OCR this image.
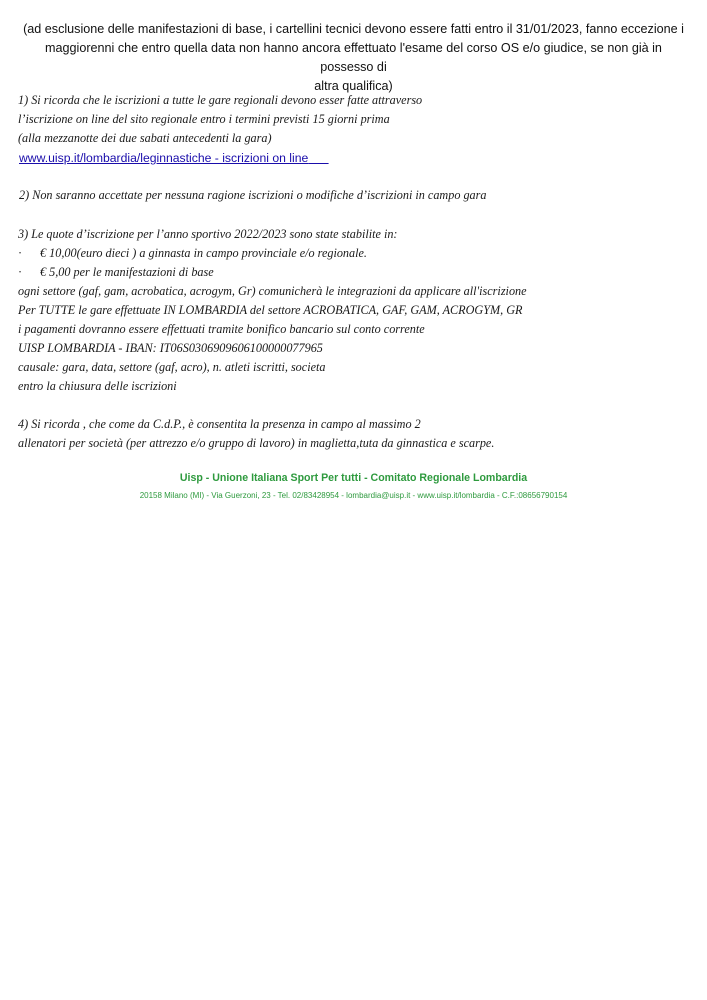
(ad esclusione delle manifestazioni di base, i cartellini tecnici devono essere fatti entro il 31/01/2023, fanno eccezione i
maggiorenni che entro quella data non hanno ancora effettuato l'esame del corso OS e/o giudice, se non già in possesso di
altra qualifica)
1) Si ricorda che le iscrizioni a tutte le gare regionali devono esser fatte attraverso
l’iscrizione on line del sito regionale entro i termini previsti 15 giorni prima
(alla mezzanotte dei due sabati antecedenti la gara)
www.uisp.it/lombardia/leginnastiche - iscrizioni on line
2) Non saranno accettate per nessuna ragione iscrizioni o modifiche d’iscrizioni in campo gara
3) Le quote d’iscrizione per l’anno sportivo 2022/2023 sono state stabilite in:
· € 10,00(euro dieci ) a ginnasta in campo provinciale e/o regionale.
· € 5,00 per le manifestazioni di base
ogni settore (gaf, gam, acrobatica, acrogym, Gr) comunicherà le integrazioni da applicare all'iscrizione
Per TUTTE le gare effettuate IN LOMBARDIA del settore ACROBATICA, GAF, GAM, ACROGYM, GR
i pagamenti dovranno essere effettuati tramite bonifico bancario sul conto corrente
UISP LOMBARDIA - IBAN: IT06S0306909606100000077965
causale: gara, data, settore (gaf, acro), n. atleti iscritti, societa
entro la chiusura delle iscrizioni
4) Si ricorda , che come da C.d.P., è consentita la presenza in campo al massimo 2
allenatori per società (per attrezzo e/o gruppo di lavoro) in maglietta,tuta da ginnastica e scarpe.
Uisp - Unione Italiana Sport Per tutti - Comitato Regionale Lombardia
20158 Milano (MI) - Via Guerzoni, 23 - Tel. 02/83428954 - lombardia@uisp.it - www.uisp.it/lombardia - C.F.:08656790154
